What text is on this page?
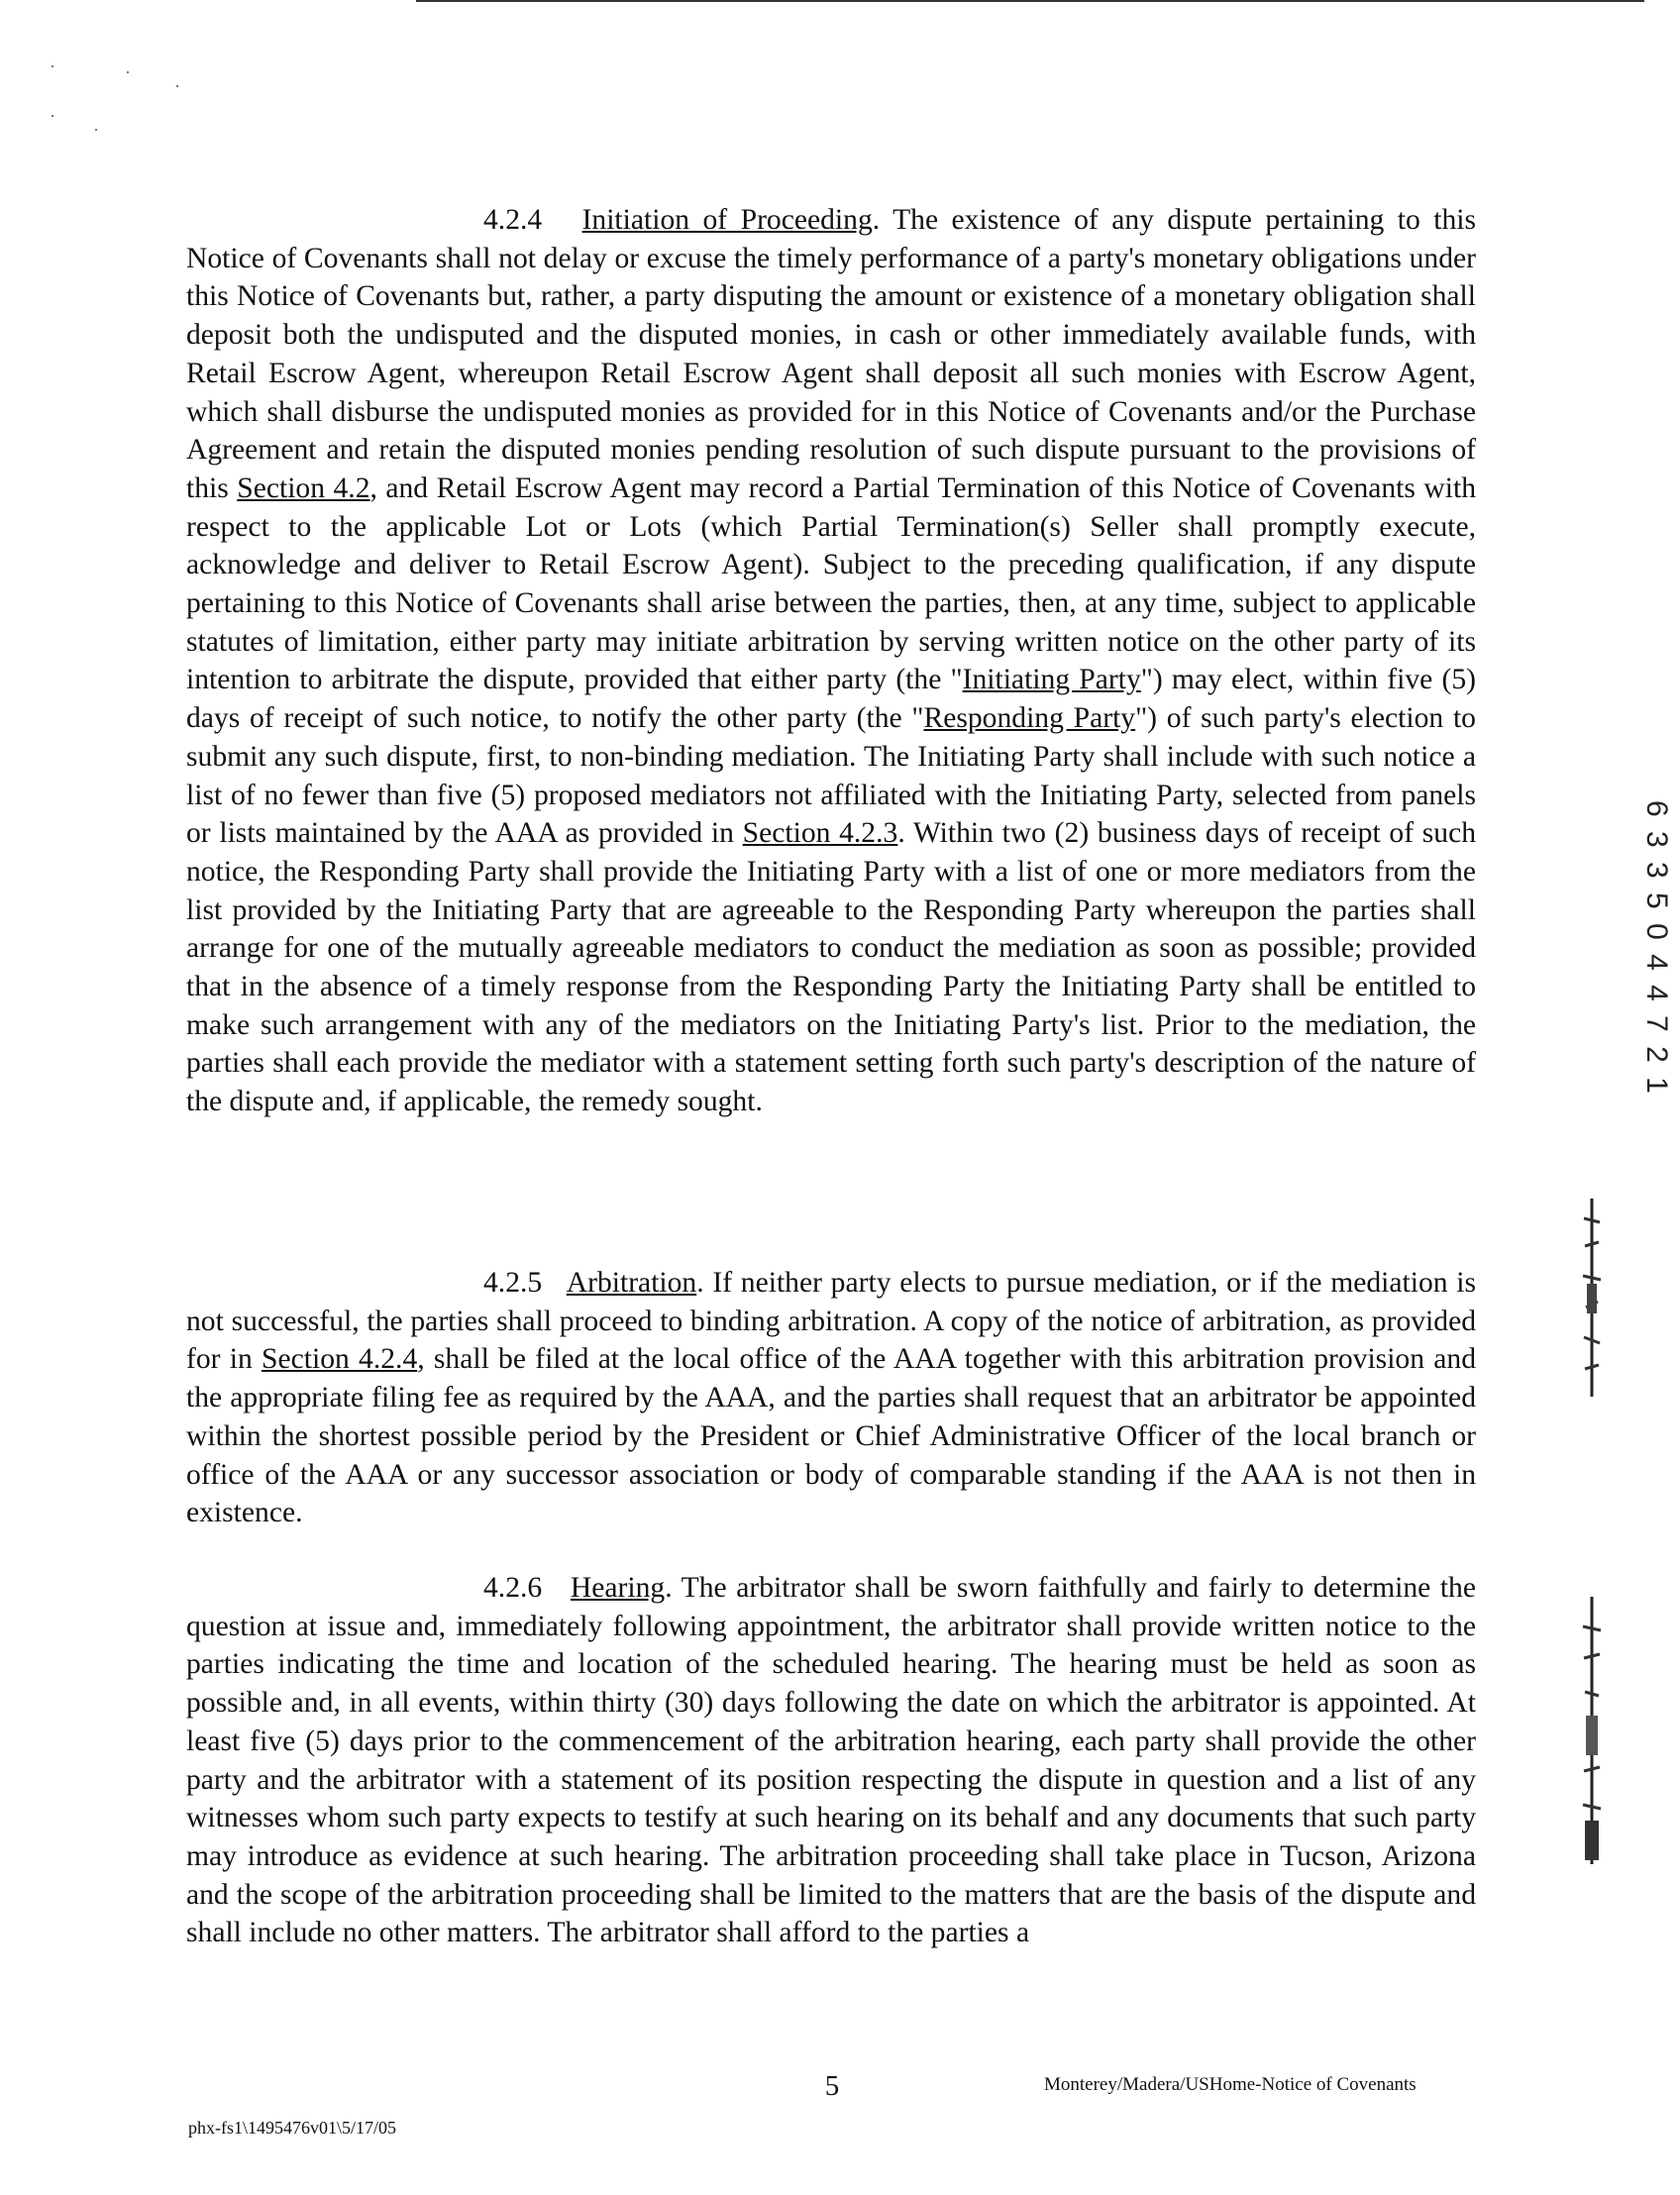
4.2.4 Initiation of Proceeding. The existence of any dispute pertaining to this Notice of Covenants shall not delay or excuse the timely performance of a party's monetary obligations under this Notice of Covenants but, rather, a party disputing the amount or existence of a monetary obligation shall deposit both the undisputed and the disputed monies, in cash or other immediately available funds, with Retail Escrow Agent, whereupon Retail Escrow Agent shall deposit all such monies with Escrow Agent, which shall disburse the undisputed monies as provided for in this Notice of Covenants and/or the Purchase Agreement and retain the disputed monies pending resolution of such dispute pursuant to the provisions of this Section 4.2, and Retail Escrow Agent may record a Partial Termination of this Notice of Covenants with respect to the applicable Lot or Lots (which Partial Termination(s) Seller shall promptly execute, acknowledge and deliver to Retail Escrow Agent). Subject to the preceding qualification, if any dispute pertaining to this Notice of Covenants shall arise between the parties, then, at any time, subject to applicable statutes of limitation, either party may initiate arbitration by serving written notice on the other party of its intention to arbitrate the dispute, provided that either party (the "Initiating Party") may elect, within five (5) days of receipt of such notice, to notify the other party (the "Responding Party") of such party's election to submit any such dispute, first, to non-binding mediation. The Initiating Party shall include with such notice a list of no fewer than five (5) proposed mediators not affiliated with the Initiating Party, selected from panels or lists maintained by the AAA as provided in Section 4.2.3. Within two (2) business days of receipt of such notice, the Responding Party shall provide the Initiating Party with a list of one or more mediators from the list provided by the Initiating Party that are agreeable to the Responding Party whereupon the parties shall arrange for one of the mutually agreeable mediators to conduct the mediation as soon as possible; provided that in the absence of a timely response from the Responding Party the Initiating Party shall be entitled to make such arrangement with any of the mediators on the Initiating Party's list. Prior to the mediation, the parties shall each provide the mediator with a statement setting forth such party's description of the nature of the dispute and, if applicable, the remedy sought.

4.2.5 Arbitration. If neither party elects to pursue mediation, or if the mediation is not successful, the parties shall proceed to binding arbitration. A copy of the notice of arbitration, as provided for in Section 4.2.4, shall be filed at the local office of the AAA together with this arbitration provision and the appropriate filing fee as required by the AAA, and the parties shall request that an arbitrator be appointed within the shortest possible period by the President or Chief Administrative Officer of the local branch or office of the AAA or any successor association or body of comparable standing if the AAA is not then in existence.

4.2.6 Hearing. The arbitrator shall be sworn faithfully and fairly to determine the question at issue and, immediately following appointment, the arbitrator shall provide written notice to the parties indicating the time and location of the scheduled hearing. The hearing must be held as soon as possible and, in all events, within thirty (30) days following the date on which the arbitrator is appointed. At least five (5) days prior to the commencement of the arbitration hearing, each party shall provide the other party and the arbitrator with a statement of its position respecting the dispute in question and a list of any witnesses whom such party expects to testify at such hearing on its behalf and any documents that such party may introduce as evidence at such hearing. The arbitration proceeding shall take place in Tucson, Arizona and the scope of the arbitration proceeding shall be limited to the matters that are the basis of the dispute and shall include no other matters. The arbitrator shall afford to the parties a

6 3 3 5 0 4 4 7 2 1
5	Monterey/Madera/USHome-Notice of Covenants
phx-fs1\1495476v01\5/17/05
